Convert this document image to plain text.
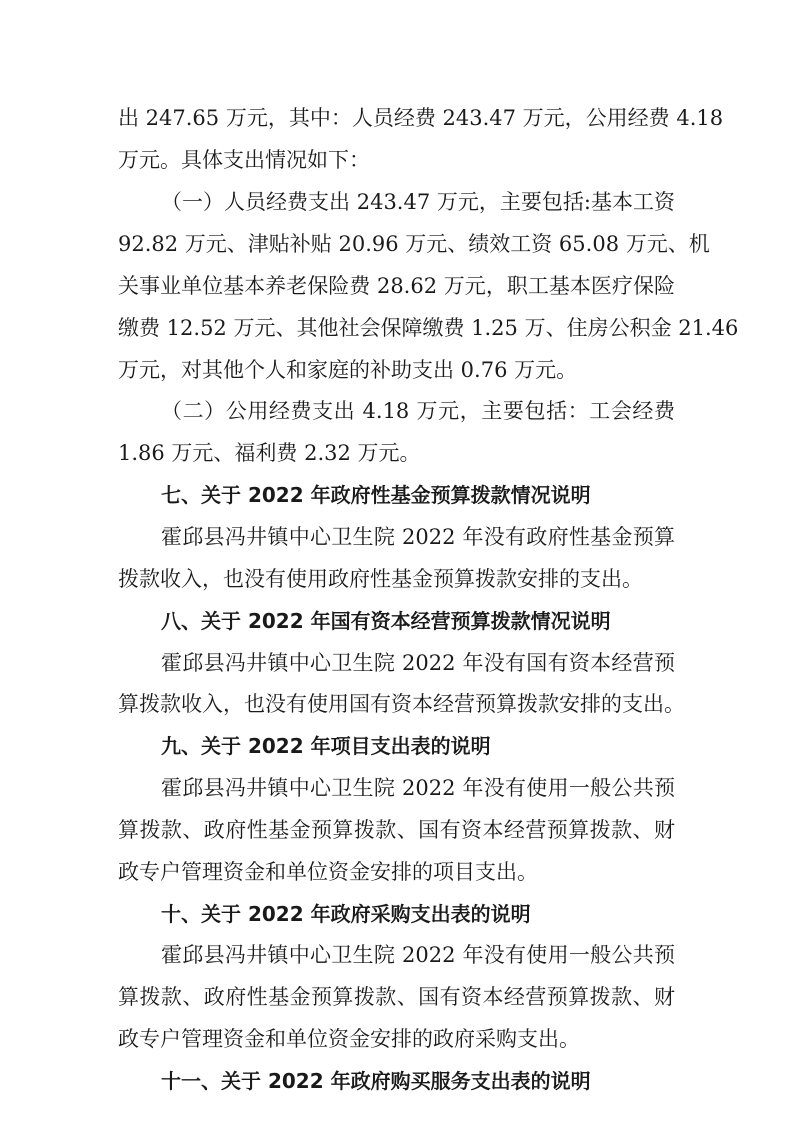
出 247.65 万元，其中：人员经费 243.47 万元，公用经费 4.18
万元。具体支出情况如下：
（一）人员经费支出 243.47 万元，主要包括:基本工资
92.82 万元、津贴补贴 20.96 万元、绩效工资 65.08 万元、机
关事业单位基本养老保险费 28.62 万元，职工基本医疗保险
缴费 12.52 万元、其他社会保障缴费 1.25 万、住房公积金 21.46
万元，对其他个人和家庭的补助支出 0.76 万元。
（二）公用经费支出 4.18 万元，主要包括：工会经费
1.86 万元、福利费 2.32 万元。
七、关于 2022 年政府性基金预算拨款情况说明
霍邱县冯井镇中心卫生院 2022 年没有政府性基金预算
拨款收入，也没有使用政府性基金预算拨款安排的支出。
八、关于 2022 年国有资本经营预算拨款情况说明
霍邱县冯井镇中心卫生院 2022 年没有国有资本经营预
算拨款收入，也没有使用国有资本经营预算拨款安排的支出。
九、关于 2022 年项目支出表的说明
霍邱县冯井镇中心卫生院 2022 年没有使用一般公共预
算拨款、政府性基金预算拨款、国有资本经营预算拨款、财
政专户管理资金和单位资金安排的项目支出。
十、关于 2022 年政府采购支出表的说明
霍邱县冯井镇中心卫生院 2022 年没有使用一般公共预
算拨款、政府性基金预算拨款、国有资本经营预算拨款、财
政专户管理资金和单位资金安排的政府采购支出。
十一、关于 2022 年政府购买服务支出表的说明
